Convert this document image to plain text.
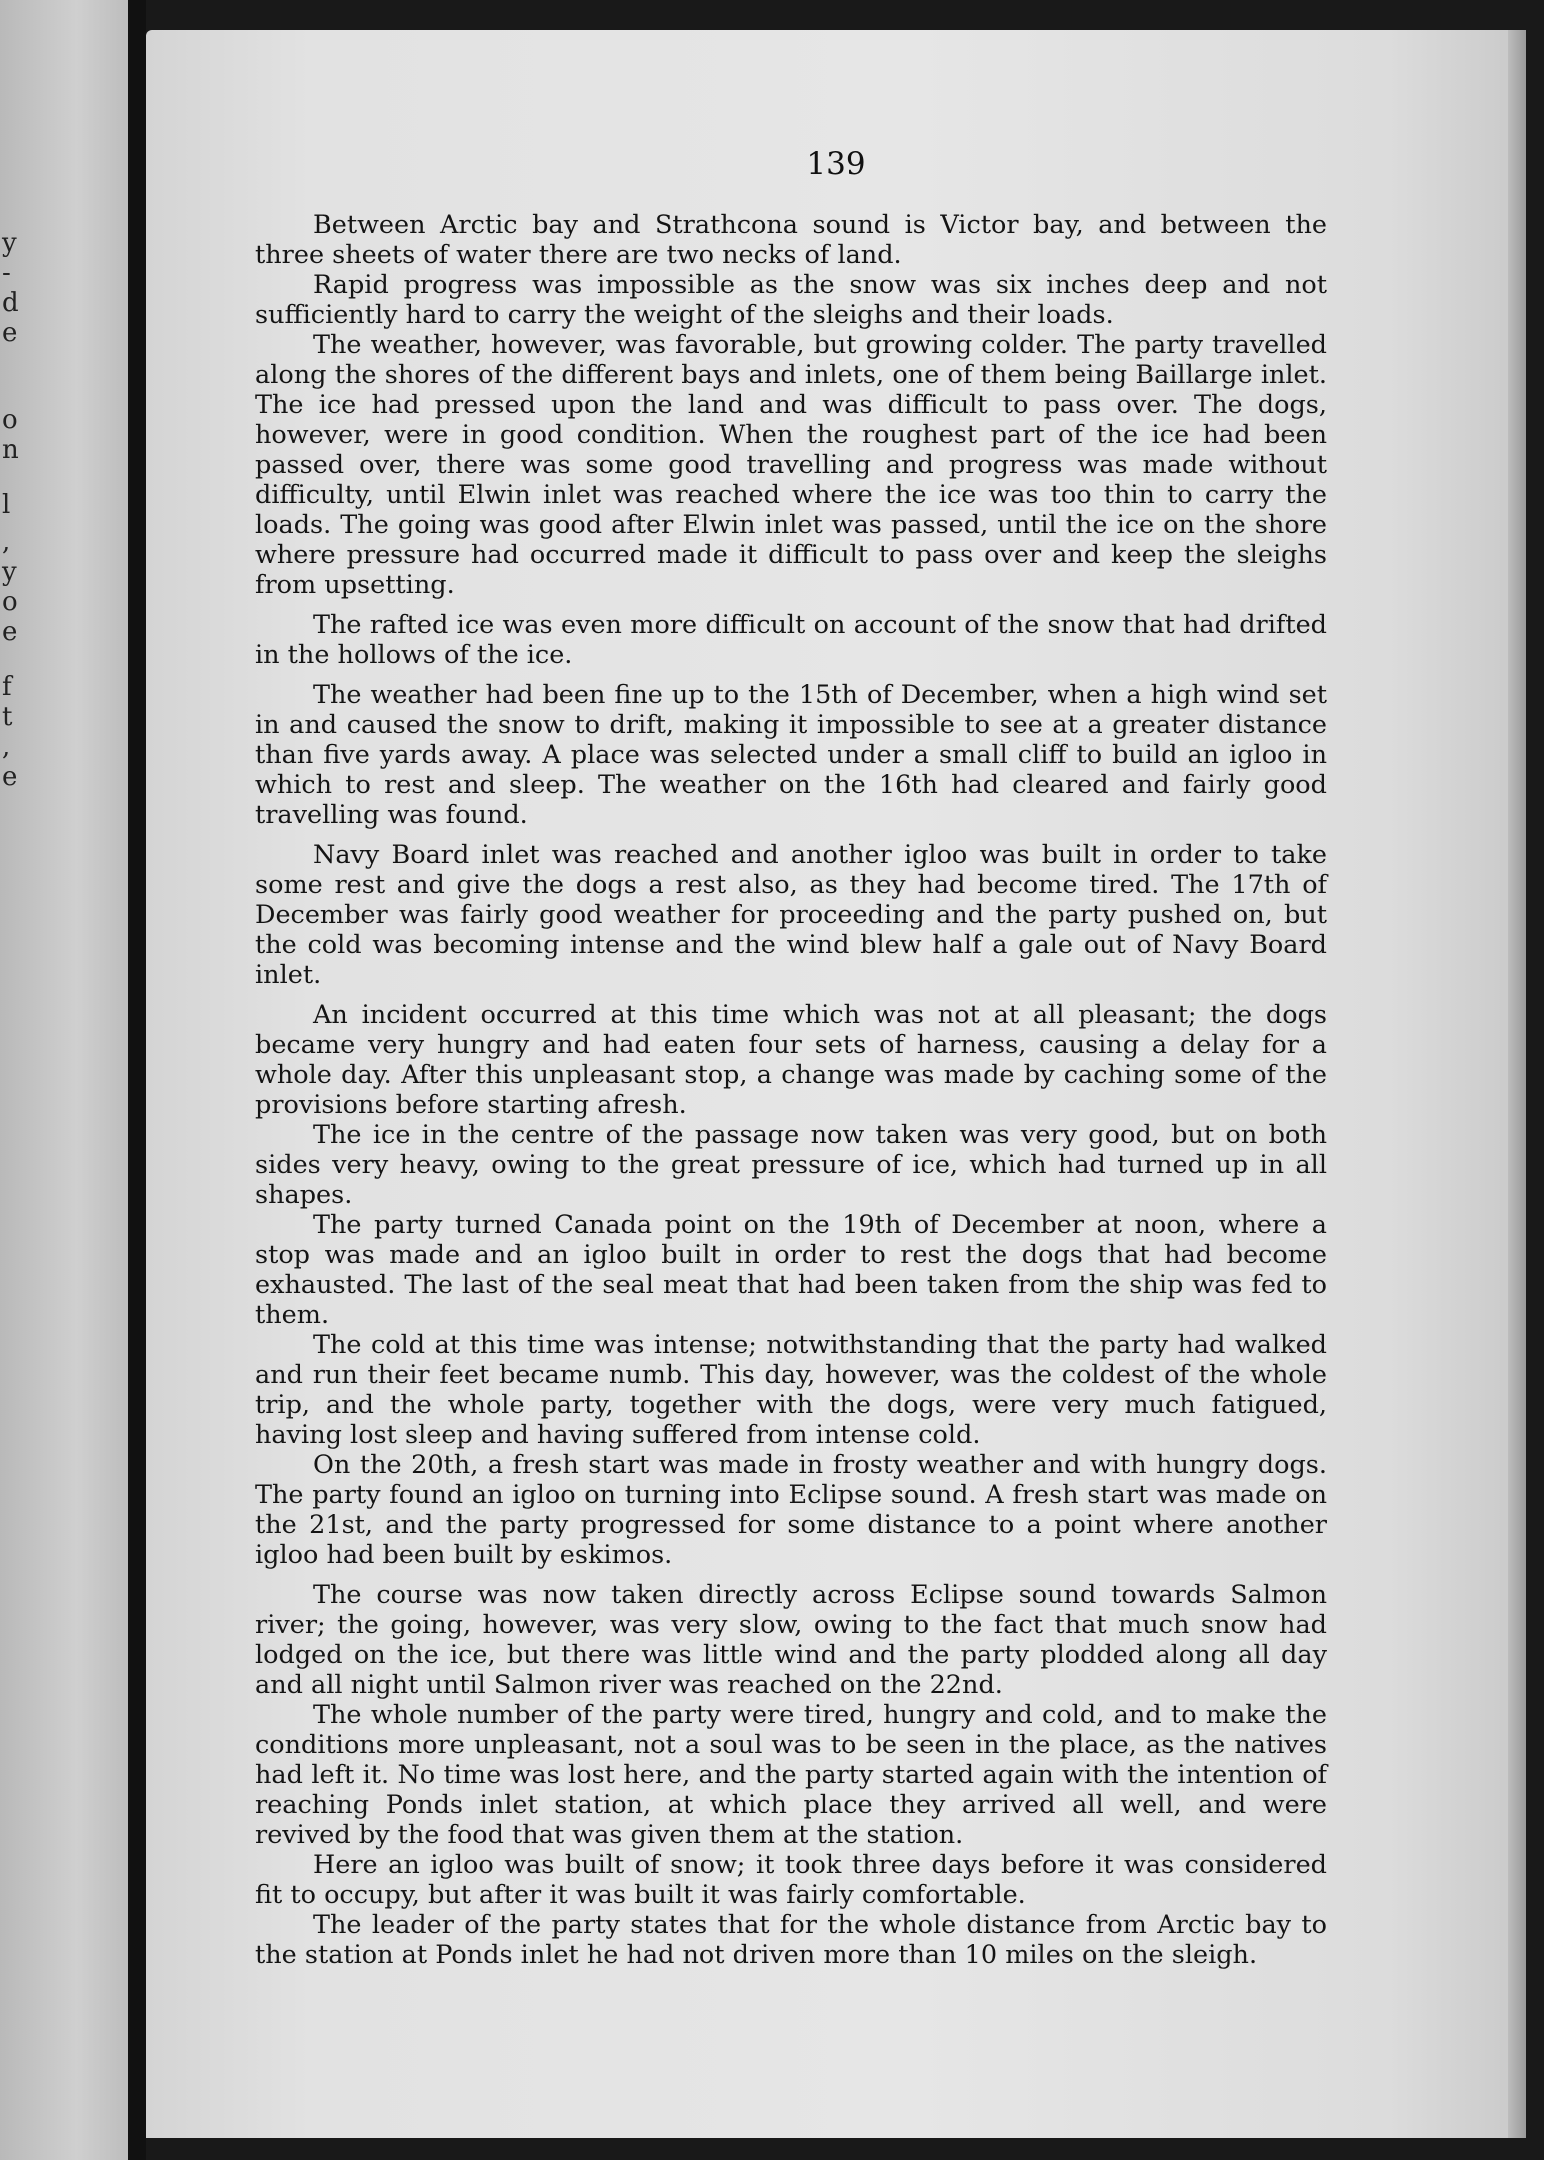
y
-
d
e
o
n
l
,
y
o
e
f
t
,
e
139

Between Arctic bay and Strathcona sound is Victor bay, and between the three sheets of water there are two necks of land.

Rapid progress was impossible as the snow was six inches deep and not sufficiently hard to carry the weight of the sleighs and their loads.

The weather, however, was favorable, but growing colder. The party travelled along the shores of the different bays and inlets, one of them being Baillarge inlet. The ice had pressed upon the land and was difficult to pass over. The dogs, however, were in good condition. When the roughest part of the ice had been passed over, there was some good travelling and progress was made without difficulty, until Elwin inlet was reached where the ice was too thin to carry the loads. The going was good after Elwin inlet was passed, until the ice on the shore where pressure had occurred made it difficult to pass over and keep the sleighs from upsetting.

The rafted ice was even more difficult on account of the snow that had drifted in the hollows of the ice.

The weather had been fine up to the 15th of December, when a high wind set in and caused the snow to drift, making it impossible to see at a greater distance than five yards away. A place was selected under a small cliff to build an igloo in which to rest and sleep. The weather on the 16th had cleared and fairly good travelling was found.

Navy Board inlet was reached and another igloo was built in order to take some rest and give the dogs a rest also, as they had become tired. The 17th of December was fairly good weather for proceeding and the party pushed on, but the cold was becoming intense and the wind blew half a gale out of Navy Board inlet.

An incident occurred at this time which was not at all pleasant; the dogs became very hungry and had eaten four sets of harness, causing a delay for a whole day. After this unpleasant stop, a change was made by caching some of the provisions before starting afresh.

The ice in the centre of the passage now taken was very good, but on both sides very heavy, owing to the great pressure of ice, which had turned up in all shapes.

The party turned Canada point on the 19th of December at noon, where a stop was made and an igloo built in order to rest the dogs that had become exhausted. The last of the seal meat that had been taken from the ship was fed to them.

The cold at this time was intense; notwithstanding that the party had walked and run their feet became numb. This day, however, was the coldest of the whole trip, and the whole party, together with the dogs, were very much fatigued, having lost sleep and having suffered from intense cold.

On the 20th, a fresh start was made in frosty weather and with hungry dogs. The party found an igloo on turning into Eclipse sound. A fresh start was made on the 21st, and the party progressed for some distance to a point where another igloo had been built by eskimos.

The course was now taken directly across Eclipse sound towards Salmon river; the going, however, was very slow, owing to the fact that much snow had lodged on the ice, but there was little wind and the party plodded along all day and all night until Salmon river was reached on the 22nd.

The whole number of the party were tired, hungry and cold, and to make the conditions more unpleasant, not a soul was to be seen in the place, as the natives had left it. No time was lost here, and the party started again with the intention of reaching Ponds inlet station, at which place they arrived all well, and were revived by the food that was given them at the station.

Here an igloo was built of snow; it took three days before it was considered fit to occupy, but after it was built it was fairly comfortable.

The leader of the party states that for the whole distance from Arctic bay to the station at Ponds inlet he had not driven more than 10 miles on the sleigh.
